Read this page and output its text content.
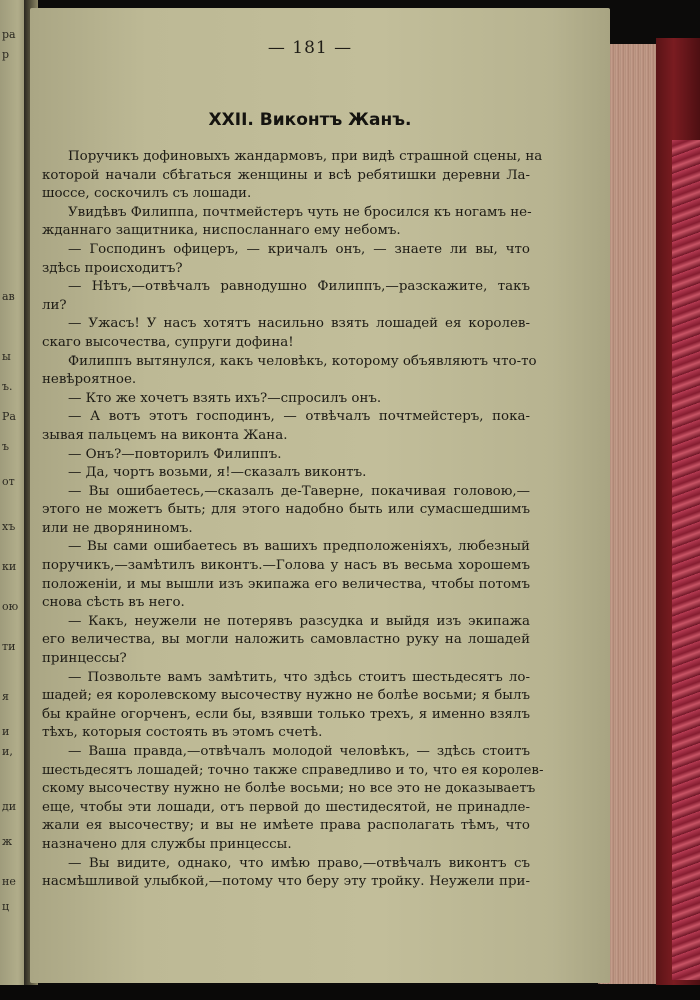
ра
р
ав
ы
ъ.
Ра
ъ
от
хъ
ки
ою
ти
я
и
и,
ди
ж
не
ц
— 181 —
XXII. Виконтъ Жанъ.
Поручикъ дофиновыхъ жандармовъ, при видѣ страшной сцены, на
которой начали сбѣгаться женщины и всѣ ребятишки деревни Ла-
шоссе, соскочилъ съ лошади.
Увидѣвъ Филиппа, почтмейстеръ чуть не бросился къ ногамъ не-
жданнаго защитника, ниспосланнаго ему небомъ.
— Господинъ офицеръ, — кричалъ онъ, — знаете ли вы, что
здѣсь происходитъ?
— Нѣтъ,—отвѣчалъ равнодушно Филиппъ,—разскажите, такъ
ли?
— Ужасъ! У насъ хотятъ насильно взять лошадей ея королев-
скаго высочества, супруги дофина!
Филиппъ вытянулся, какъ человѣкъ, которому объявляютъ что-то
невѣроятное.
— Кто же хочетъ взять ихъ?—спросилъ онъ.
— А вотъ этотъ господинъ, — отвѣчалъ почтмейстеръ, пока-
зывая пальцемъ на виконта Жана.
— Онъ?—повторилъ Филиппъ.
— Да, чортъ возьми, я!—сказалъ виконтъ.
— Вы ошибаетесь,—сказалъ де-Таверне, покачивая головою,—
этого не можетъ быть; для этого надобно быть или сумасшедшимъ
или не дворяниномъ.
— Вы сами ошибаетесь въ вашихъ предположеніяхъ, любезный
поручикъ,—замѣтилъ виконтъ.—Голова у насъ въ весьма хорошемъ
положеніи, и мы вышли изъ экипажа его величества, чтобы потомъ
снова сѣсть въ него.
— Какъ, неужели не потерявъ разсудка и выйдя изъ экипажа
его величества, вы могли наложить самовластно руку на лошадей
принцессы?
— Позвольте вамъ замѣтить, что здѣсь стоитъ шестьдесятъ ло-
шадей; ея королевскому высочеству нужно не болѣе восьми; я былъ
бы крайне огорченъ, если бы, взявши только трехъ, я именно взялъ
тѣхъ, которыя состоять въ этомъ счетѣ.
— Ваша правда,—отвѣчалъ молодой человѣкъ, — здѣсь стоитъ
шестьдесятъ лошадей; точно также справедливо и то, что ея королев-
скому высочеству нужно не болѣе восьми; но все это не доказываетъ
еще, чтобы эти лошади, отъ первой до шестидесятой, не принадле-
жали ея высочеству; и вы не имѣете права располагать тѣмъ, что
назначено для службы принцессы.
— Вы видите, однако, что имѣю право,—отвѣчалъ виконтъ съ
насмѣшливой улыбкой,—потому что беру эту тройку. Неужели при-
